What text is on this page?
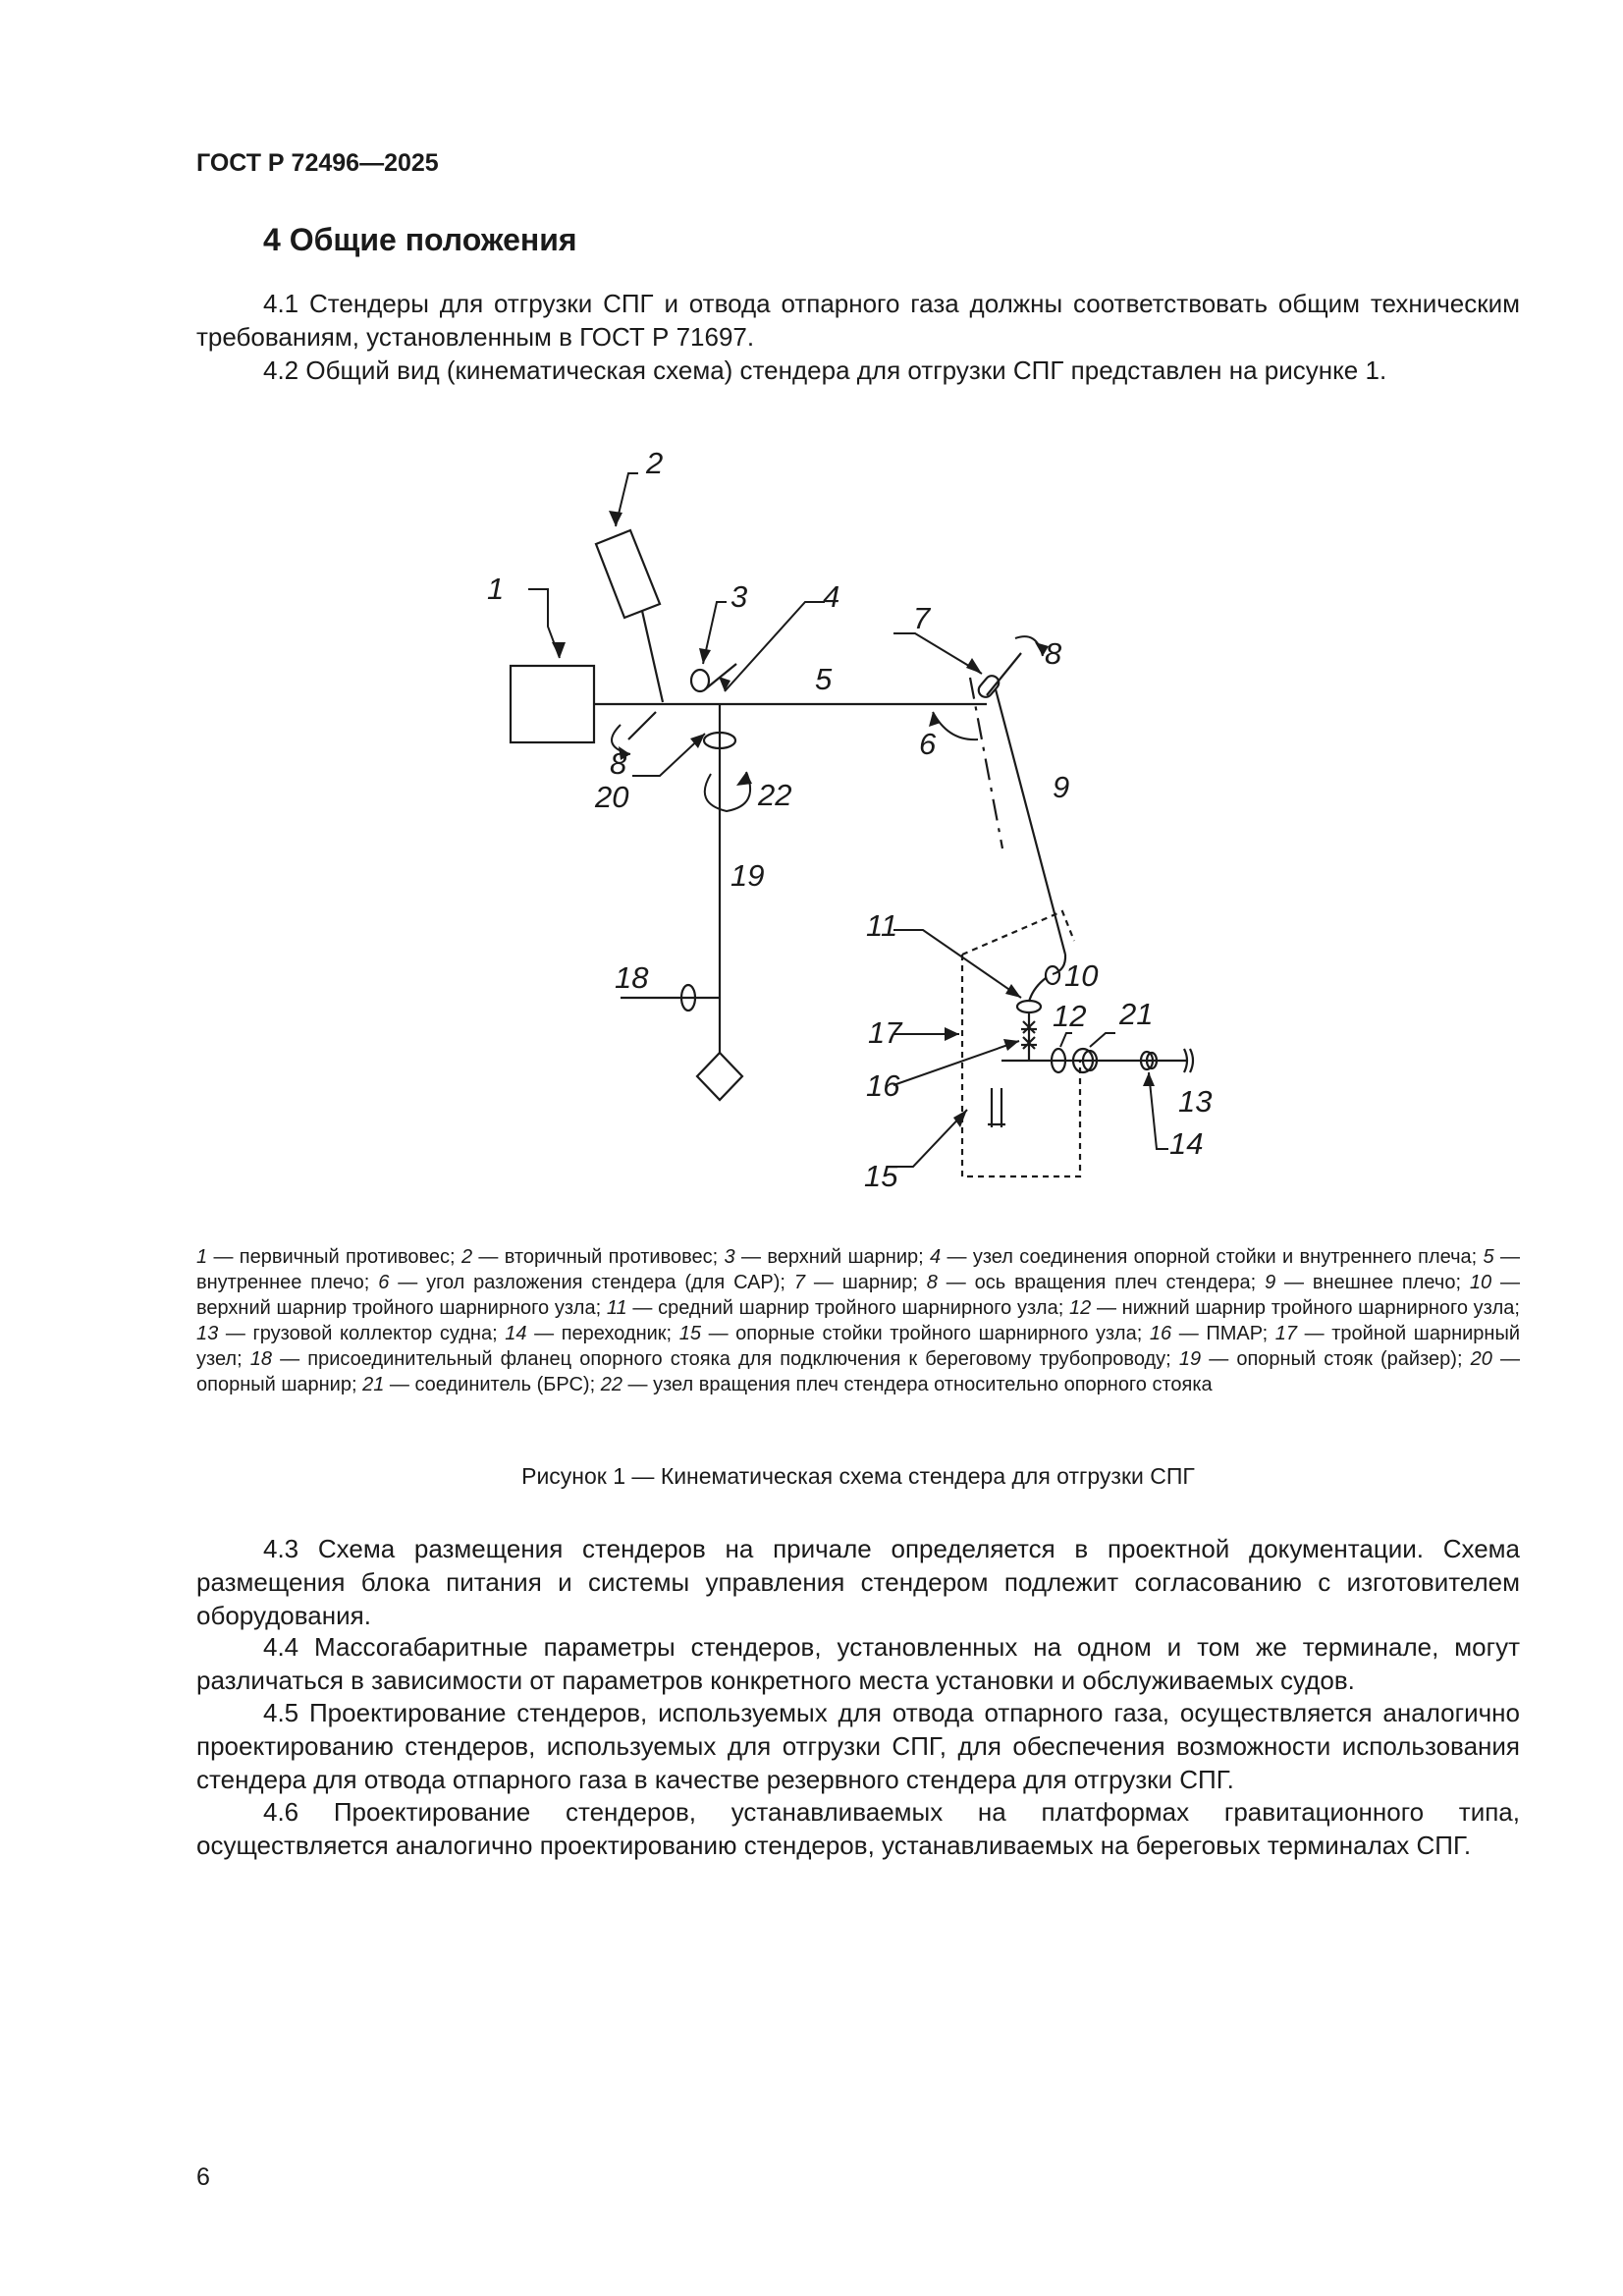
ГОСТ Р 72496—2025
4 Общие положения
4.1 Стендеры для отгрузки СПГ и отвода отпарного газа должны соответствовать общим техническим требованиям, установленным в ГОСТ Р 71697.
4.2 Общий вид (кинематическая схема) стендера для отгрузки СПГ представлен на рисунке 1.
1
2
3 4
5
6
7
8
8
9
10
11
12
13
14
15
16
17
18
19
20
21
22
1 — первичный противовес; 2 — вторичный противовес; 3 — верхний шарнир; 4 — узел соединения опорной стойки и внутреннего плеча; 5 — внутреннее плечо; 6 — угол разложения стендера (для САР); 7 — шарнир; 8 — ось вращения плеч стендера; 9 — внешнее плечо; 10 — верхний шарнир тройного шарнирного узла; 11 — средний шарнир тройного шарнирного узла; 12 — нижний шарнир тройного шарнирного узла; 13 — грузовой коллектор судна; 14 — переходник; 15 — опорные стойки тройного шарнирного узла; 16 — ПМАР; 17 — тройной шарнирный узел; 18 — присоединительный фланец опорного стояка для подключения к береговому трубопроводу; 19 — опорный стояк (райзер); 20 — опорный шарнир; 21 — соединитель (БРС); 22 — узел вращения плеч стендера относительно опорного стояка
Рисунок 1 — Кинематическая схема стендера для отгрузки СПГ
4.3 Схема размещения стендеров на причале определяется в проектной документации. Схема размещения блока питания и системы управления стендером подлежит согласованию с изготовителем оборудования.
4.4 Массогабаритные параметры стендеров, установленных на одном и том же терминале, могут различаться в зависимости от параметров конкретного места установки и обслуживаемых судов.
4.5 Проектирование стендеров, используемых для отвода отпарного газа, осуществляется аналогично проектированию стендеров, используемых для отгрузки СПГ, для обеспечения возможности использования стендера для отвода отпарного газа в качестве резервного стендера для отгрузки СПГ.
4.6 Проектирование стендеров, устанавливаемых на платформах гравитационного типа, осуществляется аналогично проектированию стендеров, устанавливаемых на береговых терминалах СПГ.
6
